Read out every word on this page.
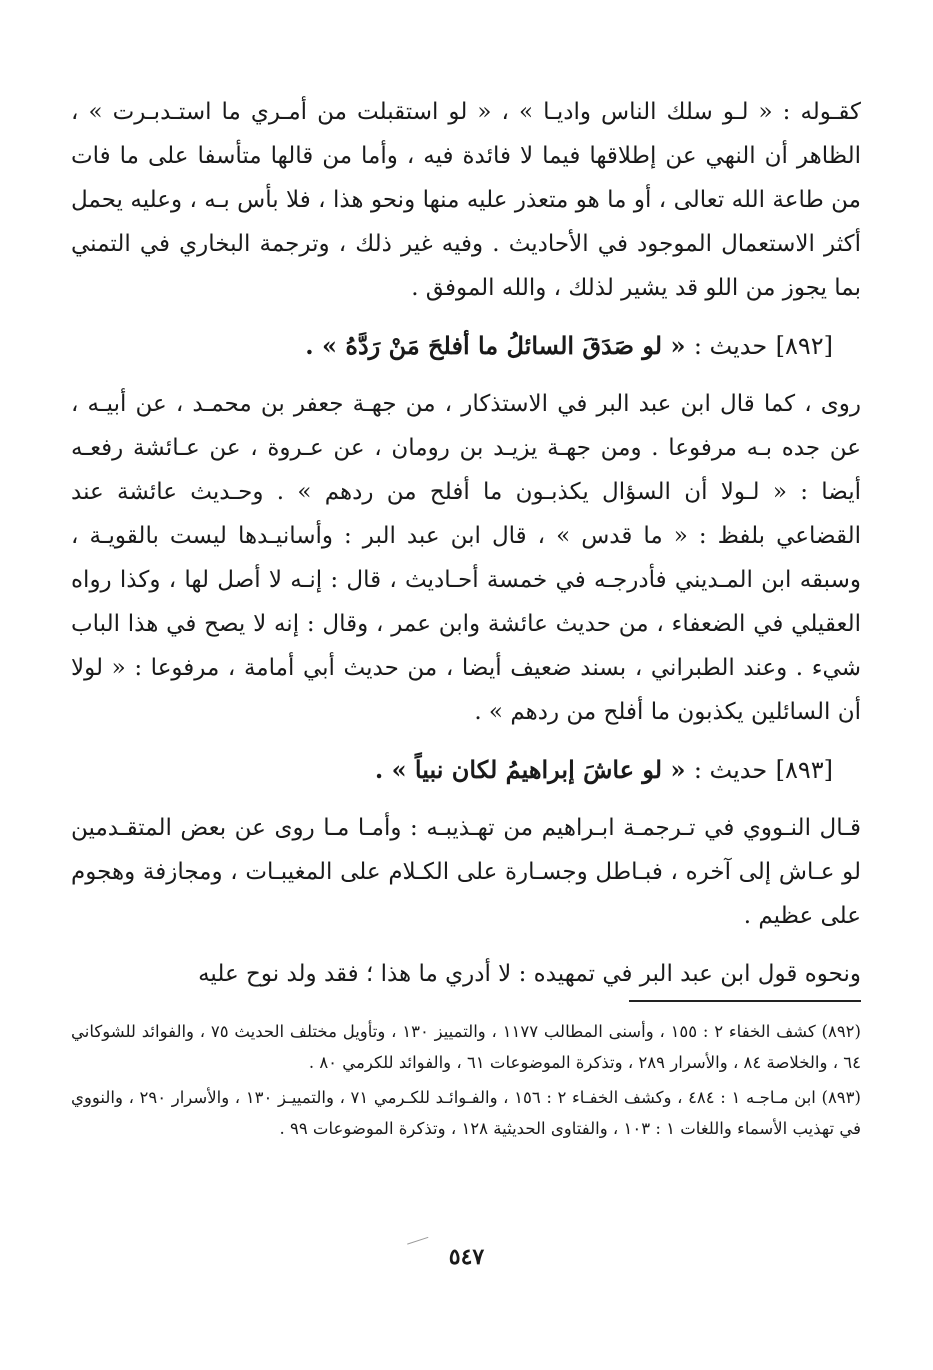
كقـوله : « لـو سلك الناس واديـا » ، « لو استقبلت من أمـري ما استـدبـرت » ، الظاهر أن النهي عن إطلاقها فيما لا فائدة فيه ، وأما من قالها متأسفا على ما فات من طاعة الله تعالى ، أو ما هو متعذر عليه منها ونحو هذا ، فلا بأس بـه ، وعليه يحمل أكثر الاستعمال الموجود في الأحاديث . وفيه غير ذلك ، وترجمة البخاري في التمني بما يجوز من اللو قد يشير لذلك ، والله الموفق .

[٨٩٢] حديث : « لو صَدَقَ السائلُ ما أفلحَ مَنْ رَدَّهُ » .

روى ، كما قال ابن عبد البر في الاستذكار ، من جهـة جعفر بن محمـد ، عن أبيـه ، عن جده بـه مرفوعا . ومن جهـة يزيـد بن رومان ، عن عـروة ، عن عـائشة رفعـه أيضا : « لـولا أن السؤال يكذبـون ما أفلح من ردهم » . وحـديث عائشة عند القضاعي بلفظ : « ما قدس » ، قال ابن عبد البر : وأسانيـدها ليست بالقويـة ، وسبقه ابن المـديني فأدرجـه في خمسة أحـاديث ، قال : إنـه لا أصل لها ، وكذا رواه العقيلي في الضعفاء ، من حديث عائشة وابن عمر ، وقال : إنه لا يصح في هذا الباب شيء . وعند الطبراني ، بسند ضعيف أيضا ، من حديث أبي أمامة ، مرفوعا : « لولا أن السائلين يكذبون ما أفلح من ردهم » .

[٨٩٣] حديث : « لو عاشَ إبراهيمُ لكان نبياً » .

قـال النـووي في تـرجمـة ابـراهيم من تهـذيبـه : وأمـا مـا روى عن بعض المتقـدمين لو عـاش إلى آخره ، فبـاطل وجسـارة على الكـلام على المغيبـات ، ومجازفة وهجوم على عظيم .

ونحوه قول ابن عبد البر في تمهيده : لا أدري ما هذا ؛ فقد ولد نوح عليه

(٨٩٢) كشف الخفاء ٢ : ١٥٥ ، وأسنى المطالب ١١٧٧ ، والتمييز ١٣٠ ، وتأويل مختلف الحديث ٧٥ ، والفوائد للشوكاني ٦٤ ، والخلاصة ٨٤ ، والأسرار ٢٨٩ ، وتذكرة الموضوعات ٦١ ، والفوائد للكرمي ٨٠ .

(٨٩٣) ابن مـاجـه ١ : ٤٨٤ ، وكشف الخفـاء ٢ : ١٥٦ ، والفـوائـد للكـرمي ٧١ ، والتمييـز ١٣٠ ، والأسرار ٢٩٠ ، والنووي في تهذيب الأسماء واللغات ١ : ١٠٣ ، والفتاوى الحديثية ١٢٨ ، وتذكرة الموضوعات ٩٩ .

٥٤٧
